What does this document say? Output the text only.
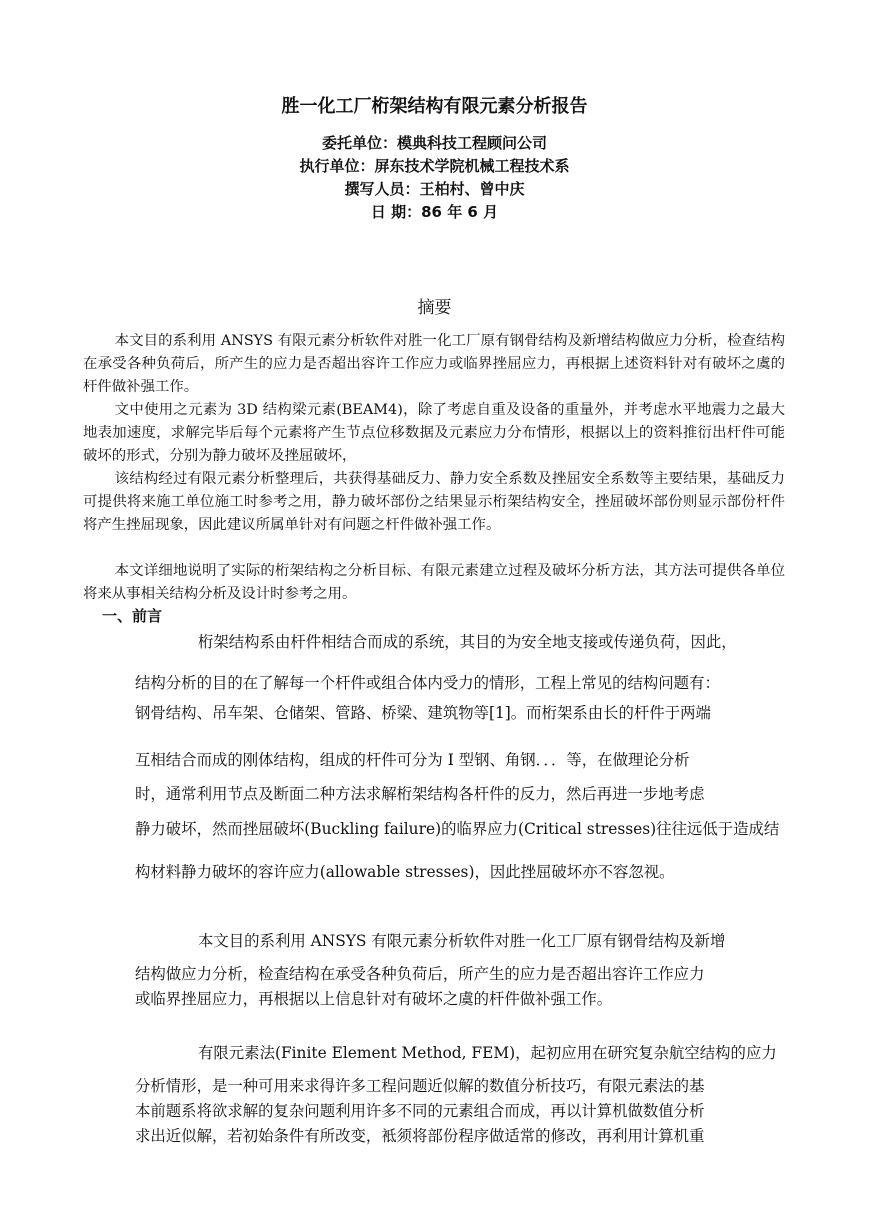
胜一化工厂桁架结构有限元素分析报告

委托单位：模典科技工程顾问公司

执行单位：屏东技术学院机械工程技术系

撰写人员：王柏村、曾中庆

日 期：86 年 6 月

摘要

本文目的系利用 ANSYS 有限元素分析软件对胜一化工厂原有钢骨结构及新增结构做应力分析，检查结构在承受各种负荷后，所产生的应力是否超出容许工作应力或临界挫屈应力，再根据上述资料针对有破坏之虞的杆件做补强工作。

文中使用之元素为 3D 结构梁元素(BEAM4)，除了考虑自重及设备的重量外，并考虑水平地震力之最大地表加速度，求解完毕后每个元素将产生节点位移数据及元素应力分布情形，根据以上的资料推衍出杆件可能破坏的形式，分别为静力破坏及挫屈破坏，

该结构经过有限元素分析整理后，共获得基础反力、静力安全系数及挫屈安全系数等主要结果，基础反力可提供将来施工单位施工时参考之用，静力破坏部份之结果显示桁架结构安全，挫屈破坏部份则显示部份杆件将产生挫屈现象，因此建议所属单针对有问题之杆件做补强工作。

本文详细地说明了实际的桁架结构之分析目标、有限元素建立过程及破坏分析方法，其方法可提供各单位将来从事相关结构分析及设计时参考之用。

一、前言

桁架结构系由杆件相结合而成的系统，其目的为安全地支接或传递负荷，因此，

结构分析的目的在了解每一个杆件或组合体内受力的情形，工程上常见的结构问题有：

钢骨结构、吊车架、仓储架、管路、桥梁、建筑物等[1]。而桁架系由长的杆件于两端

互相结合而成的刚体结构，组成的杆件可分为 I 型钢、角钢．．．等，在做理论分析

时，通常利用节点及断面二种方法求解桁架结构各杆件的反力，然后再进一步地考虑

静力破坏，然而挫屈破坏(Buckling failure)的临界应力(Critical stresses)往往远低于造成结

构材料静力破坏的容许应力(allowable stresses)，因此挫屈破坏亦不容忽视。

本文目的系利用 ANSYS 有限元素分析软件对胜一化工厂原有钢骨结构及新增

结构做应力分析，检查结构在承受各种负荷后，所产生的应力是否超出容许工作应力

或临界挫屈应力，再根据以上信息针对有破坏之虞的杆件做补强工作。

有限元素法(Finite Element Method, FEM)，起初应用在研究复杂航空结构的应力

分析情形，是一种可用来求得许多工程问题近似解的数值分析技巧，有限元素法的基

本前题系将欲求解的复杂问题利用许多不同的元素组合而成，再以计算机做数值分析

求出近似解，若初始条件有所改变，袛须将部份程序做适常的修改，再利用计算机重
